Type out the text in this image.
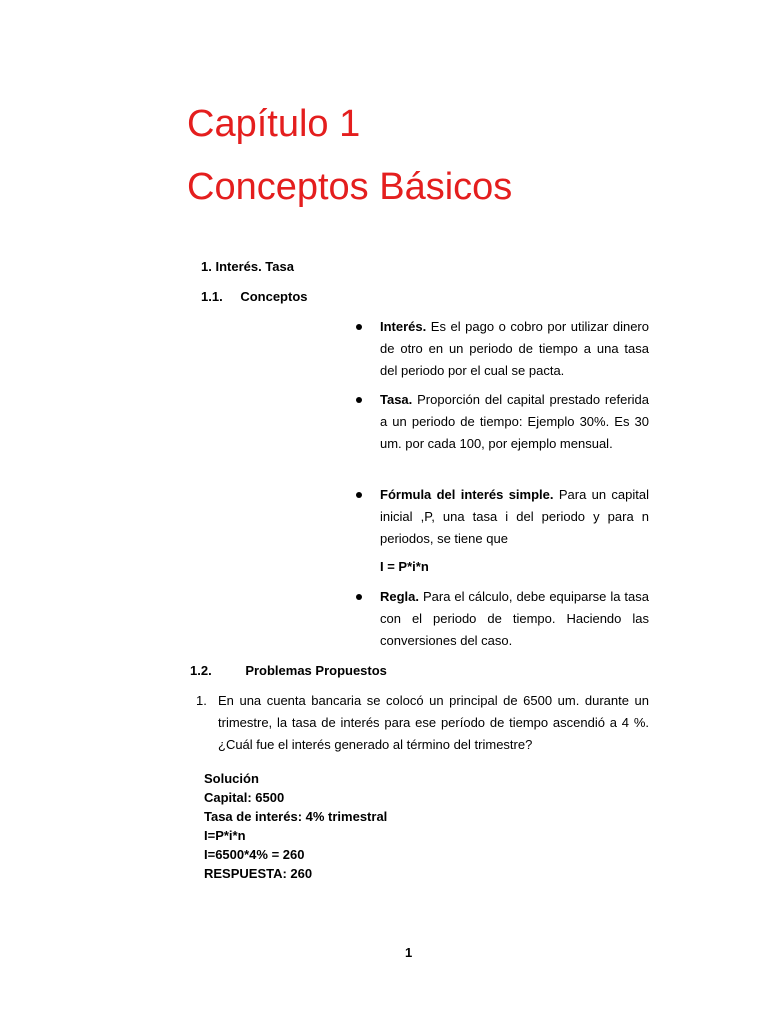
Capítulo 1
Conceptos Básicos
1. Interés. Tasa
1.1. Conceptos
Interés. Es el pago o cobro por utilizar dinero de otro en un periodo de tiempo a una tasa del periodo por el cual se pacta.
Tasa. Proporción del capital prestado referida a un periodo de tiempo: Ejemplo 30%. Es 30 um. por cada 100, por ejemplo mensual.
Fórmula del interés simple. Para un capital inicial ,P, una tasa i del periodo y para n periodos, se tiene que
I = P*i*n
Regla. Para el cálculo, debe equiparse la tasa con el periodo de tiempo. Haciendo las conversiones del caso.
1.2.	Problemas Propuestos
1. En una cuenta bancaria se colocó un principal de 6500 um. durante un trimestre, la tasa de interés para ese período de tiempo ascendió a 4 %. ¿Cuál fue el interés generado al término del trimestre?
Solución
Capital: 6500
Tasa de interés: 4% trimestral
I=P*i*n
I=6500*4% = 260
RESPUESTA: 260
1
